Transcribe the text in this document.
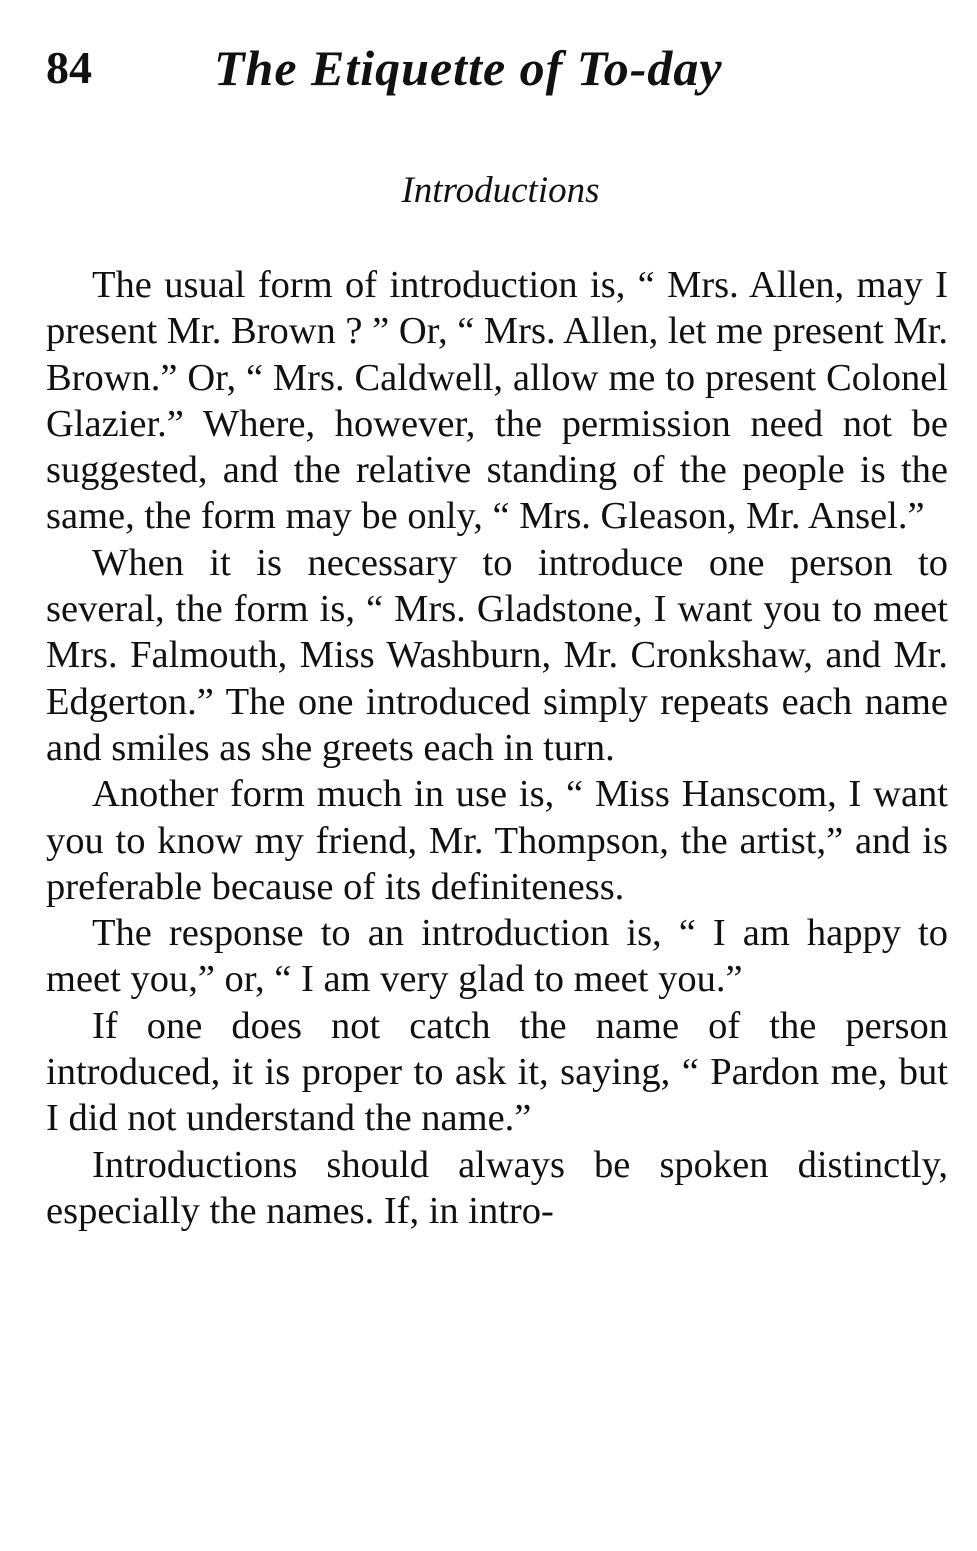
84 The Etiquette of To-day
Introductions

The usual form of introduction is, “ Mrs. Allen, may I present Mr. Brown ? ” Or, “ Mrs. Allen, let me present Mr. Brown.” Or, “ Mrs. Caldwell, allow me to present Colonel Glazier.” Where, however, the permission need not be suggested, and the relative standing of the people is the same, the form may be only, “ Mrs. Gleason, Mr. Ansel.”

When it is necessary to introduce one person to several, the form is, “ Mrs. Gladstone, I want you to meet Mrs. Falmouth, Miss Washburn, Mr. Cronkshaw, and Mr. Edgerton.” The one introduced simply repeats each name and smiles as she greets each in turn.

Another form much in use is, “ Miss Hanscom, I want you to know my friend, Mr. Thompson, the artist,” and is preferable because of its definiteness.

The response to an introduction is, “ I am happy to meet you,” or, “ I am very glad to meet you.”

If one does not catch the name of the person introduced, it is proper to ask it, saying, “ Pardon me, but I did not understand the name.”

Introductions should always be spoken distinctly, especially the names. If, in intro-
